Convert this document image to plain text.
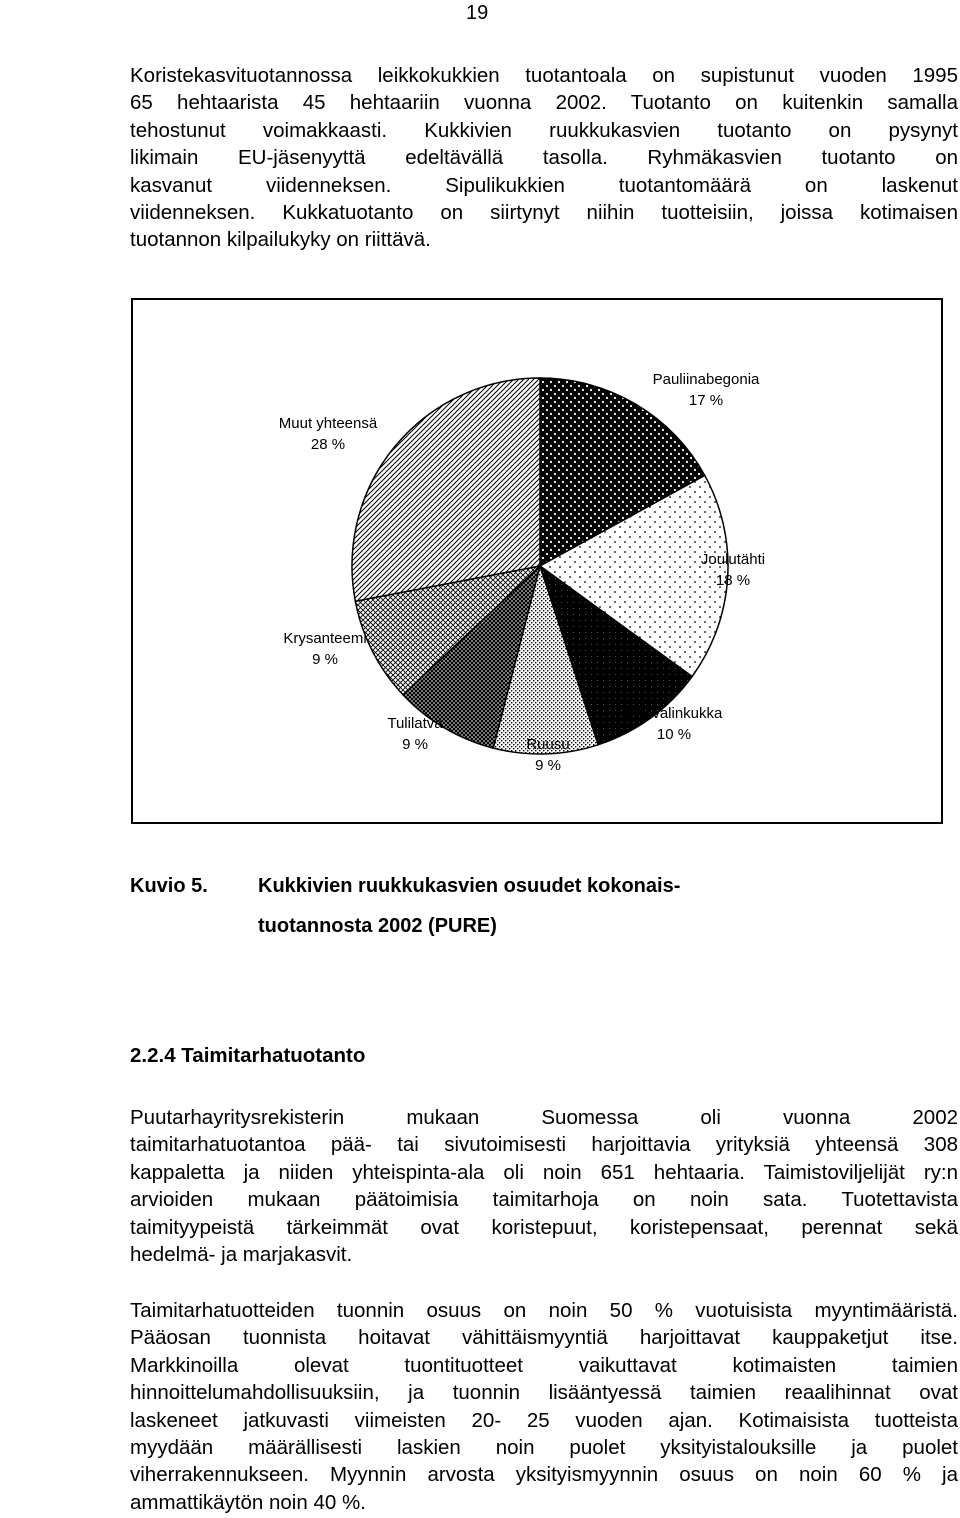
19
Koristekasvituotannossa leikkokukkien tuotantoala on supistunut vuoden 1995
65 hehtaarista 45 hehtaariin vuonna 2002. Tuotanto on kuitenkin samalla
tehostunut voimakkaasti. Kukkivien ruukkukasvien tuotanto on pysynyt
likimain EU-jäsenyyttä edeltävällä tasolla. Ryhmäkasvien tuotanto on
kasvanut viidenneksen. Sipulikukkien tuotantomäärä on laskenut
viidenneksen. Kukkatuotanto on siirtynyt niihin tuotteisiin, joissa kotimaisen
tuotannon kilpailukyky on riittävä.
Pauliinabegonia
17 %
Joulutähti
18 %
Paavalinkukka
10 %
Ruusu
9 %
Tulilatva
9 %
Krysanteemi
9 %
Muut yhteensä
28 %
Kuvio 5.	Kukkivien ruukkukasvien osuudet kokonais-
tuotannosta 2002 (PURE)
2.2.4 Taimitarhatuotanto
Puutarhayritysrekisterin mukaan Suomessa oli vuonna 2002
taimitarhatuotantoa pää- tai sivutoimisesti harjoittavia yrityksiä yhteensä 308
kappaletta ja niiden yhteispinta-ala oli noin 651 hehtaaria. Taimistoviljelijät ry:n
arvioiden mukaan päätoimisia taimitarhoja on noin sata. Tuotettavista
taimityypeistä tärkeimmät ovat koristepuut, koristepensaat, perennat sekä
hedelmä- ja marjakasvit.
Taimitarhatuotteiden tuonnin osuus on noin 50 % vuotuisista myyntimääristä.
Pääosan tuonnista hoitavat vähittäismyyntiä harjoittavat kauppaketjut itse.
Markkinoilla olevat tuontituotteet vaikuttavat kotimaisten taimien
hinnoittelumahdollisuuksiin, ja tuonnin lisääntyessä taimien reaalihinnat ovat
laskeneet jatkuvasti viimeisten 20- 25 vuoden ajan. Kotimaisista tuotteista
myydään määrällisesti laskien noin puolet yksityistalouksille ja puolet
viherrakennukseen. Myynnin arvosta yksityismyynnin osuus on noin 60 % ja
ammattikäytön noin 40 %.
